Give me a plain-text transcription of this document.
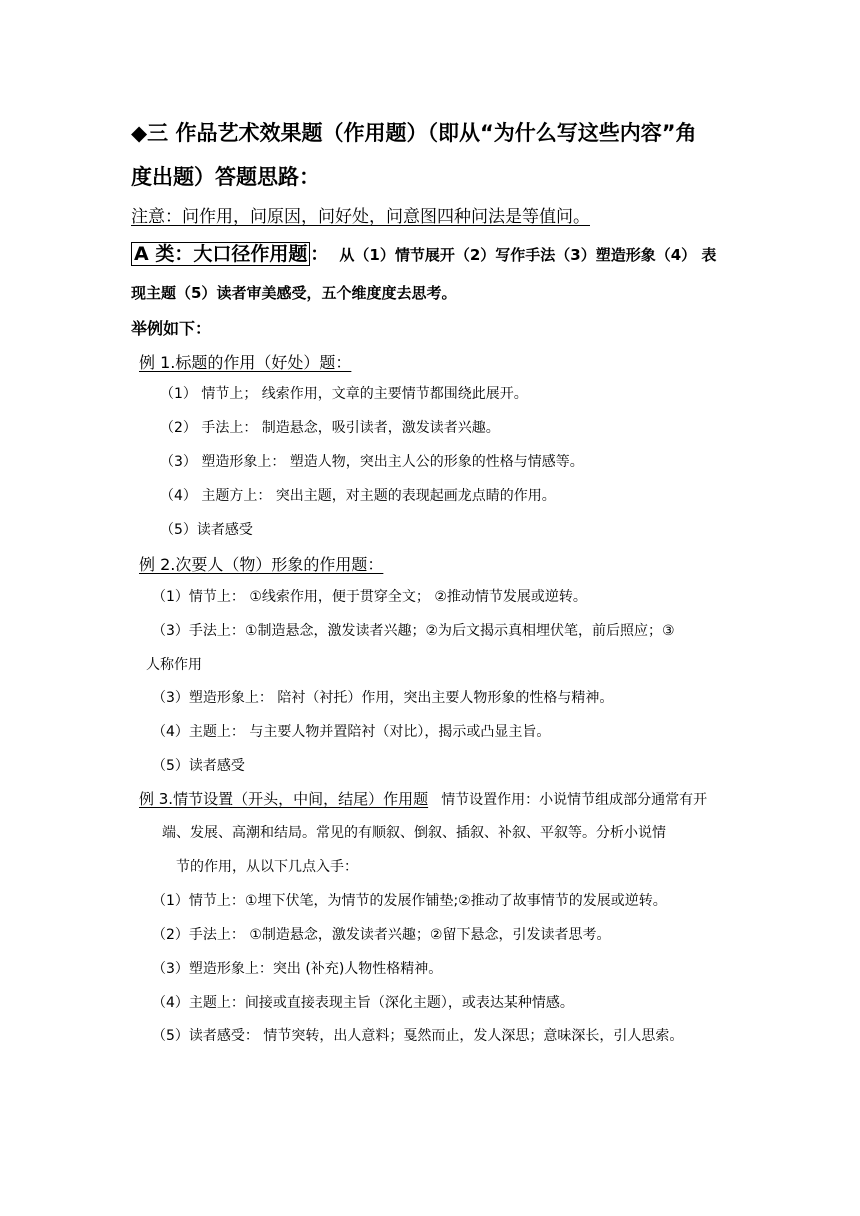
◆三 作品艺术效果题（作用题）（即从“为什么写这些内容”角
度出题）答题思路：
注意：问作用，问原因，问好处，问意图四种问法是等值问。
A 类：大口径作用题 ： 从（1）情节展开（2）写作手法（3）塑造形象（4） 表
现主题（5）读者审美感受，五个维度度去思考。
举例如下：
例 1.标题的作用（好处）题：
（1） 情节上； 线索作用，文章的主要情节都围绕此展开。
（2） 手法上： 制造悬念，吸引读者，激发读者兴趣。
（3） 塑造形象上： 塑造人物，突出主人公的形象的性格与情感等。
（4） 主题方上： 突出主题，对主题的表现起画龙点睛的作用。
（5）读者感受
例 2.次要人（物）形象的作用题：
（1）情节上： ①线索作用，便于贯穿全文； ②推动情节发展或逆转。
（3）手法上：①制造悬念，激发读者兴趣；②为后文揭示真相埋伏笔，前后照应；③
人称作用
（3）塑造形象上： 陪衬（衬托）作用，突出主要人物形象的性格与精神。
（4）主题上： 与主要人物并置陪衬（对比），揭示或凸显主旨。
（5）读者感受
例 3.情节设置（开头，中间，结尾）作用题 情节设置作用：小说情节组成部分通常有开
端、发展、高潮和结局。常见的有顺叙、倒叙、插叙、补叙、平叙等。分析小说情
节的作用，从以下几点入手：
（1）情节上：①埋下伏笔，为情节的发展作铺垫;②推动了故事情节的发展或逆转。
（2）手法上： ①制造悬念，激发读者兴趣；②留下悬念，引发读者思考。
（3）塑造形象上：突出 (补充)人物性格精神。
（4）主题上：间接或直接表现主旨（深化主题），或表达某种情感。
（5）读者感受： 情节突转，出人意料；戛然而止，发人深思；意味深长，引人思索。
